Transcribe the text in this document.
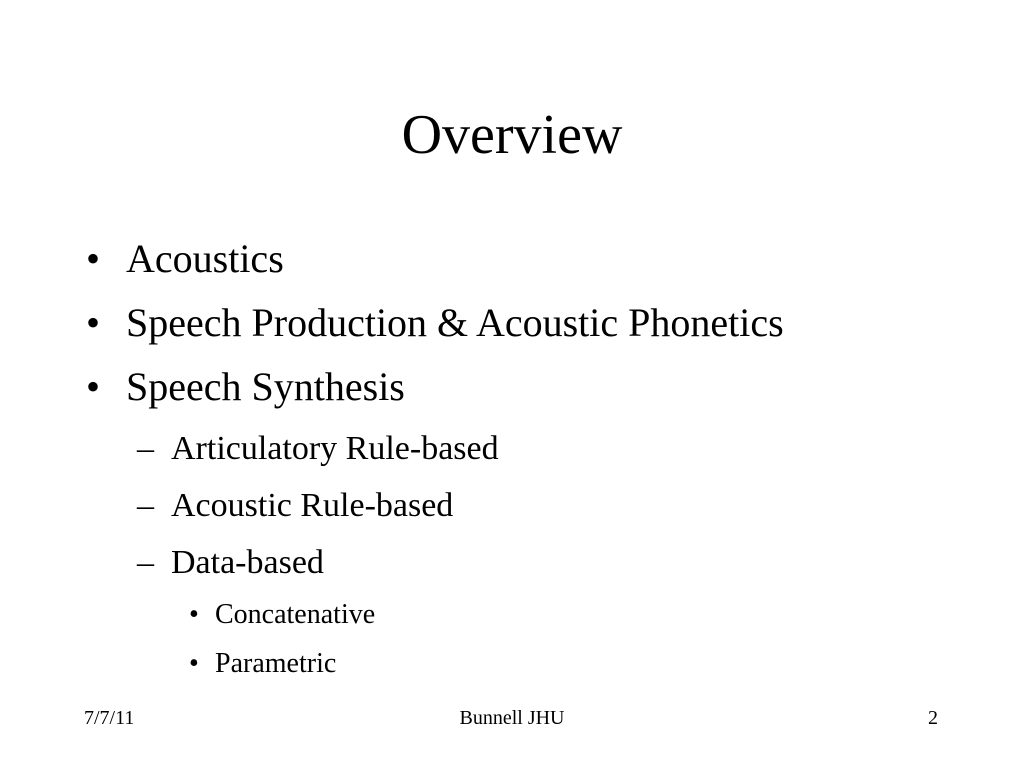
Overview
• Acoustics
• Speech Production & Acoustic Phonetics
• Speech Synthesis
– Articulatory Rule-based
– Acoustic Rule-based
– Data-based
• Concatenative
• Parametric
7/7/11	Bunnell JHU	2
